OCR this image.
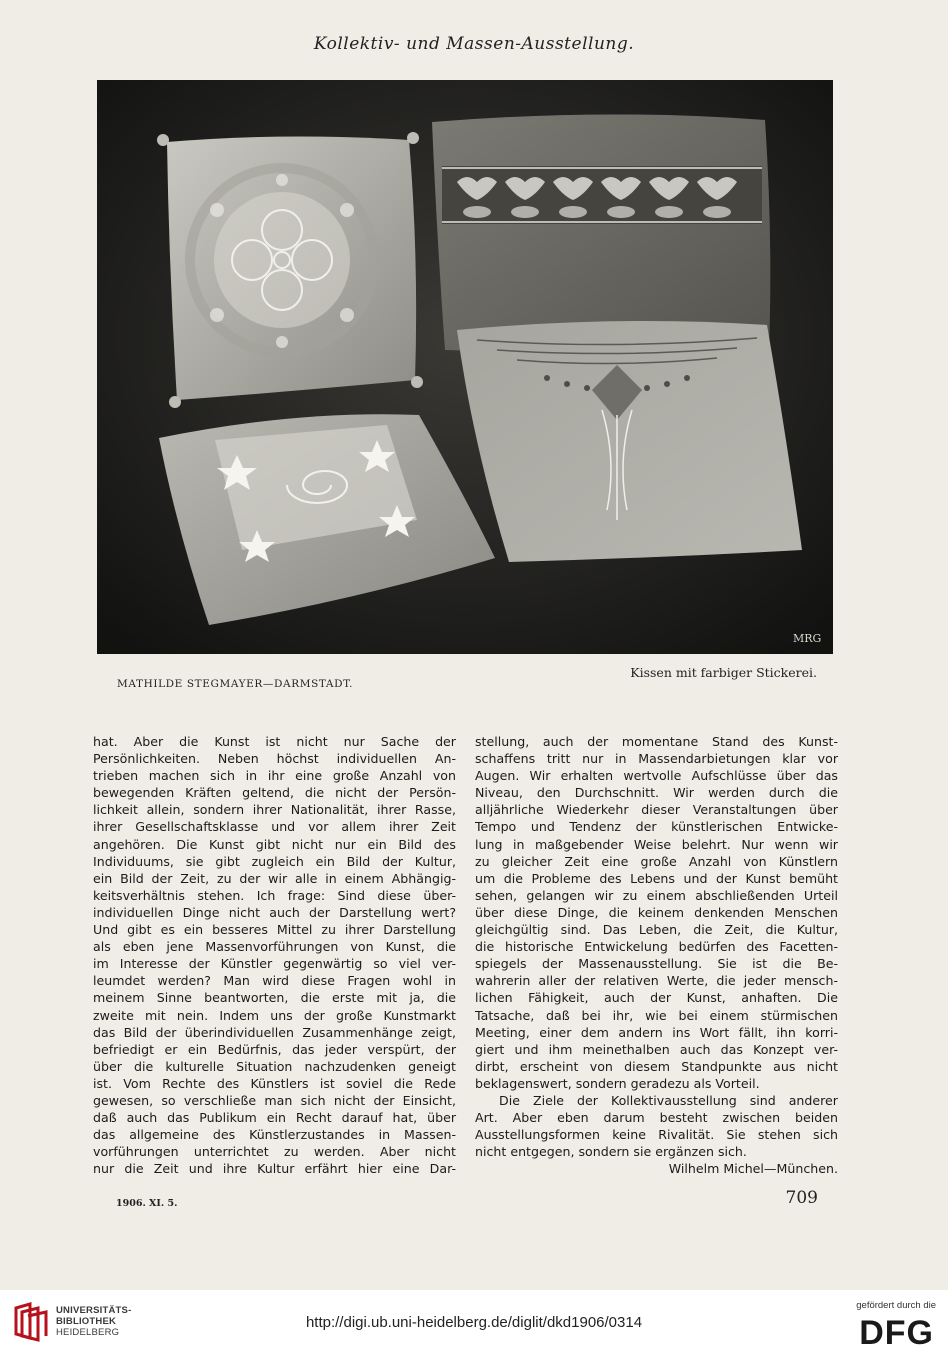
Kollektiv- und Massen-Ausstellung.
MRG
MATHILDE STEGMAYER—DARMSTADT.
Kissen mit farbiger Stickerei.

hat. Aber die Kunst ist nicht nur Sache der
Persönlichkeiten. Neben höchst individuellen An-
trieben machen sich in ihr eine große Anzahl von
bewegenden Kräften geltend, die nicht der Persön-
lichkeit allein, sondern ihrer Nationalität, ihrer Rasse,
ihrer Gesellschaftsklasse und vor allem ihrer Zeit
angehören. Die Kunst gibt nicht nur ein Bild des
Individuums, sie gibt zugleich ein Bild der Kultur,
ein Bild der Zeit, zu der wir alle in einem Abhängig-
keitsverhältnis stehen. Ich frage: Sind diese über-
individuellen Dinge nicht auch der Darstellung wert?
Und gibt es ein besseres Mittel zu ihrer Darstellung
als eben jene Massenvorführungen von Kunst, die
im Interesse der Künstler gegenwärtig so viel ver-
leumdet werden? Man wird diese Fragen wohl in
meinem Sinne beantworten, die erste mit ja, die
zweite mit nein. Indem uns der große Kunstmarkt
das Bild der überindividuellen Zusammenhänge zeigt,
befriedigt er ein Bedürfnis, das jeder verspürt, der
über die kulturelle Situation nachzudenken geneigt
ist. Vom Rechte des Künstlers ist soviel die Rede
gewesen, so verschließe man sich nicht der Einsicht,
daß auch das Publikum ein Recht darauf hat, über
das allgemeine des Künstlerzustandes in Massen-
vorführungen unterrichtet zu werden. Aber nicht
nur die Zeit und ihre Kultur erfährt hier eine Dar-

stellung, auch der momentane Stand des Kunst-
schaffens tritt nur in Massendarbietungen klar vor
Augen. Wir erhalten wertvolle Aufschlüsse über das
Niveau, den Durchschnitt. Wir werden durch die
alljährliche Wiederkehr dieser Veranstaltungen über
Tempo und Tendenz der künstlerischen Entwicke-
lung in maßgebender Weise belehrt. Nur wenn wir
zu gleicher Zeit eine große Anzahl von Künstlern
um die Probleme des Lebens und der Kunst bemüht
sehen, gelangen wir zu einem abschließenden Urteil
über diese Dinge, die keinem denkenden Menschen
gleichgültig sind. Das Leben, die Zeit, die Kultur,
die historische Entwickelung bedürfen des Facetten-
spiegels der Massenausstellung. Sie ist die Be-
wahrerin aller der relativen Werte, die jeder mensch-
lichen Fähigkeit, auch der Kunst, anhaften. Die
Tatsache, daß bei ihr, wie bei einem stürmischen
Meeting, einer dem andern ins Wort fällt, ihn korri-
giert und ihm meinethalben auch das Konzept ver-
dirbt, erscheint von diesem Standpunkte aus nicht
beklagenswert, sondern geradezu als Vorteil.

Die Ziele der Kollektivausstellung sind anderer
Art. Aber eben darum besteht zwischen beiden
Ausstellungsformen keine Rivalität. Sie stehen sich
nicht entgegen, sondern sie ergänzen sich.
Wilhelm Michel—München.

1906. XI. 5.	709
UNIVERSITÄTS-
BIBLIOTHEK
HEIDELBERG
http://digi.ub.uni-heidelberg.de/diglit/dkd1906/0314
gefördert durch die
DFG
